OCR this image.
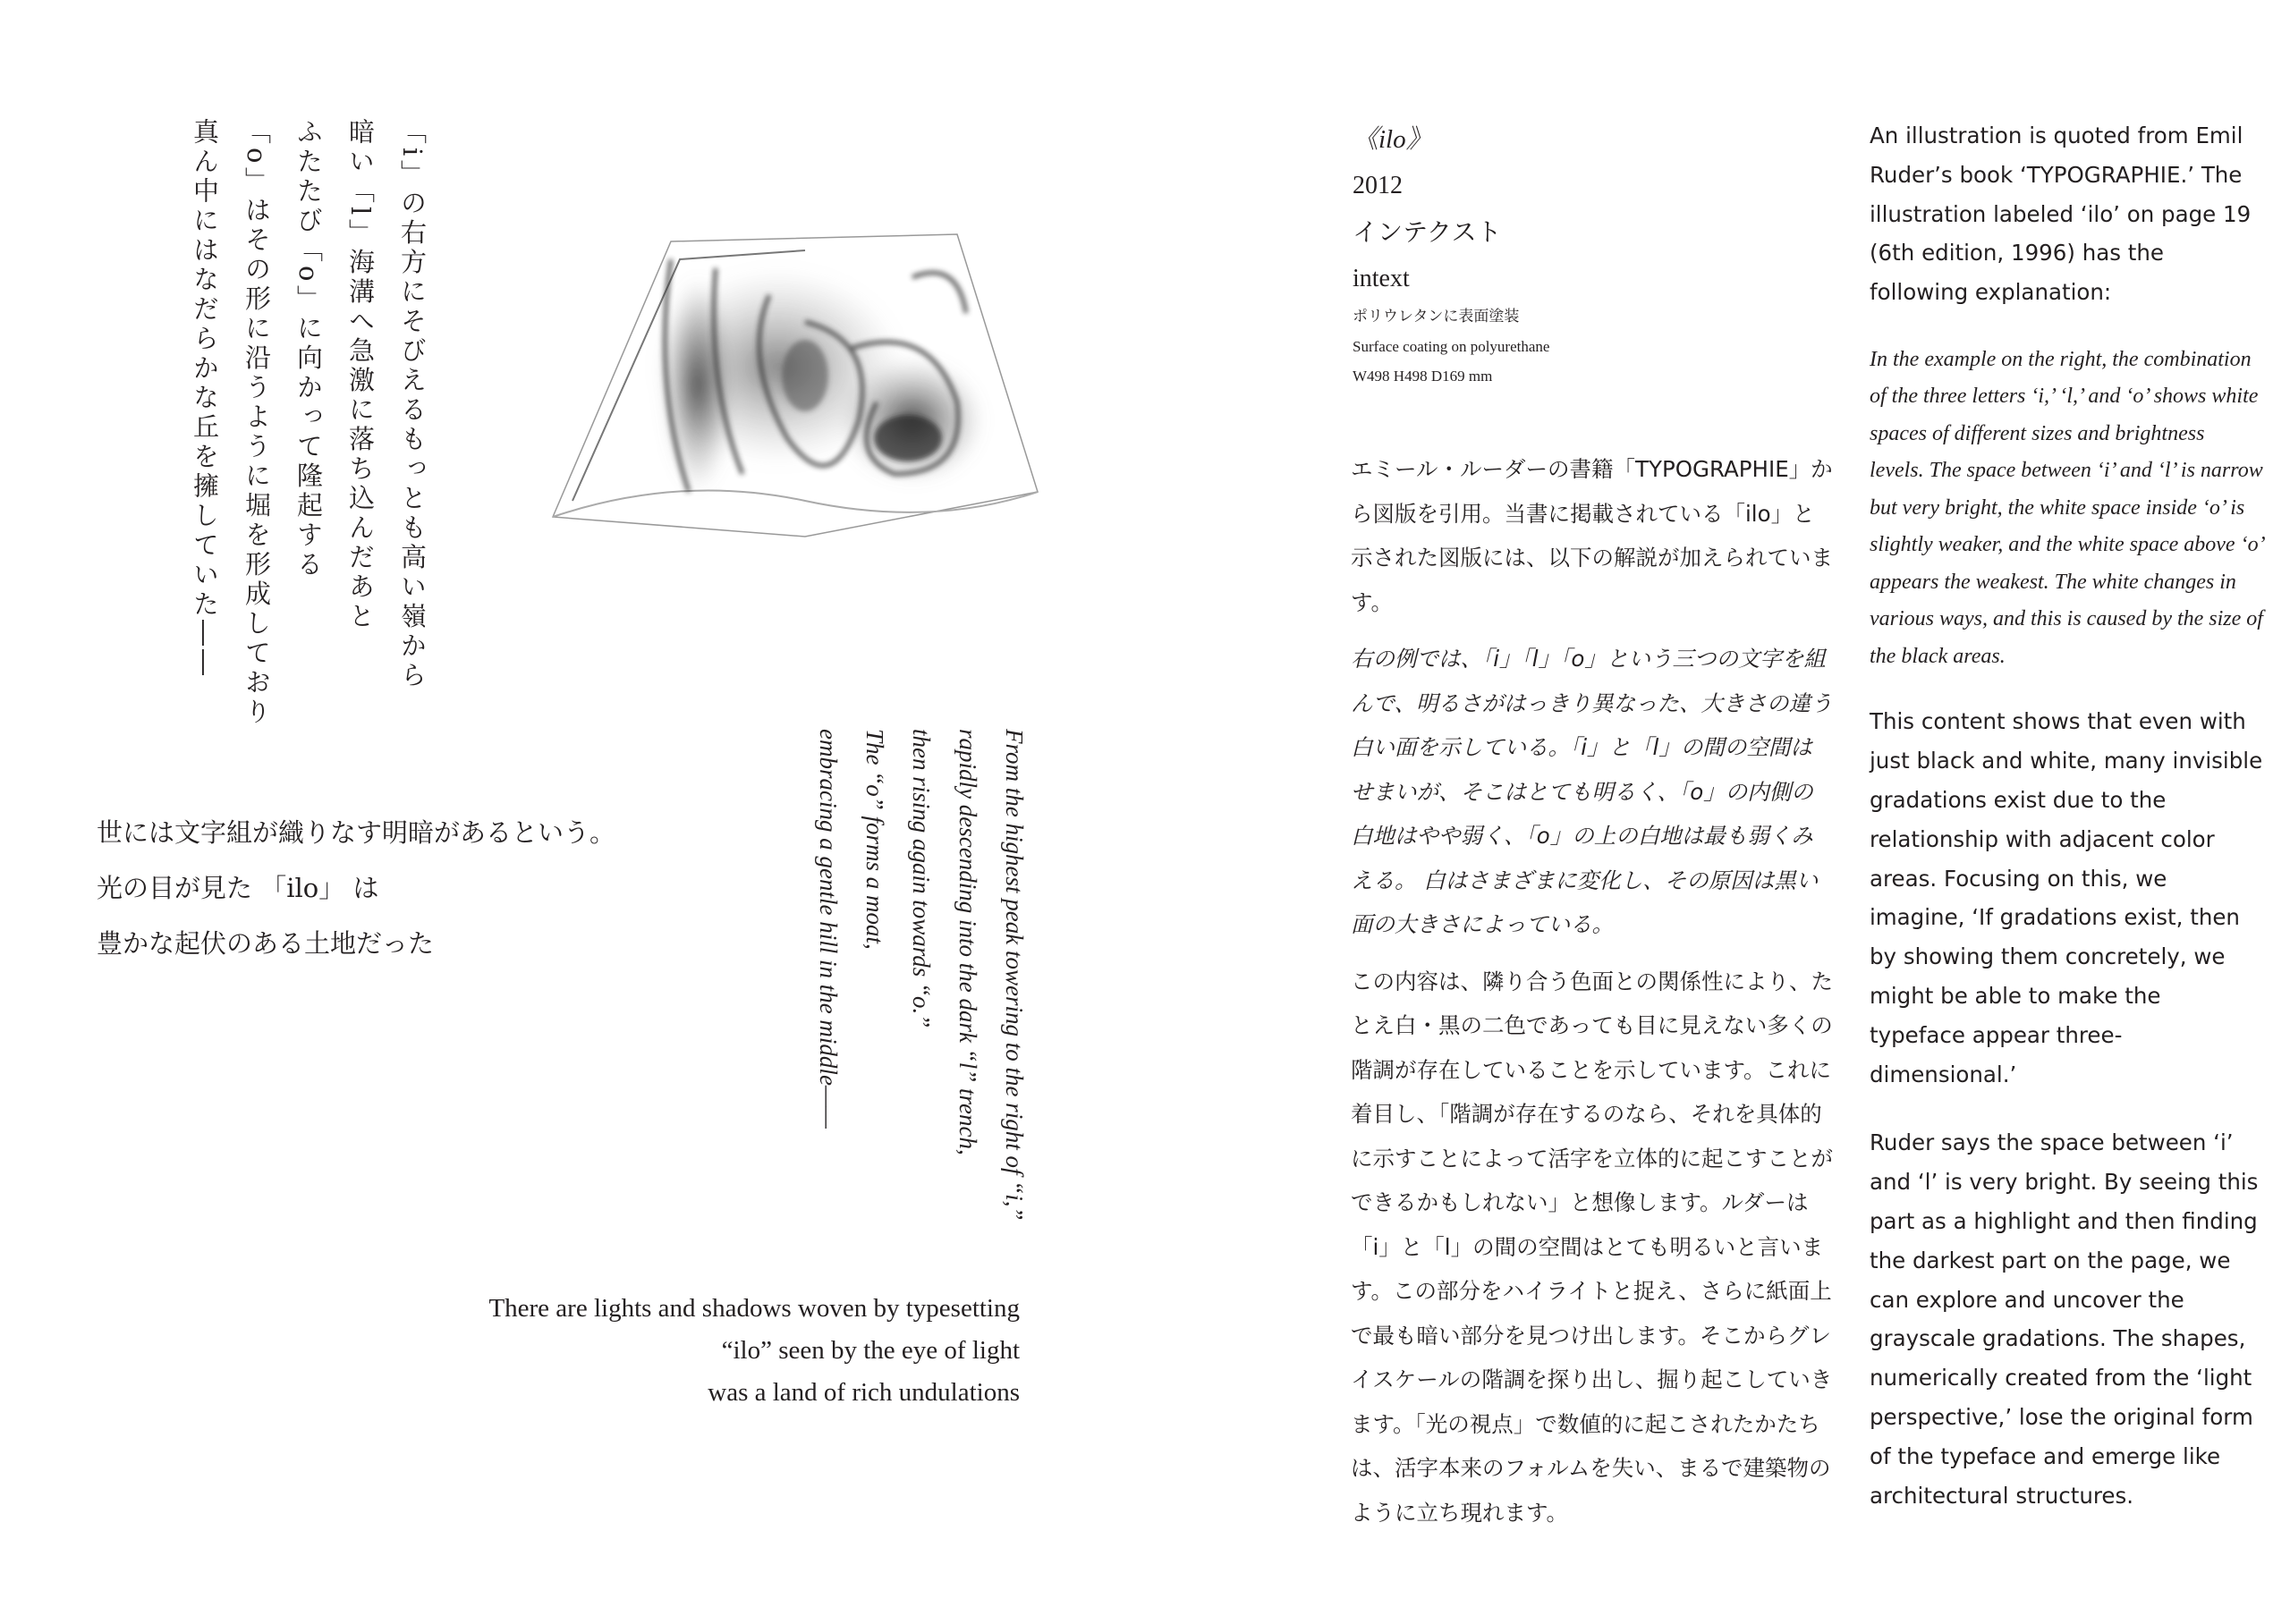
「i」の右方にそびえるもっとも高い嶺から
暗い「l」海溝へ急激に落ち込んだあと
ふたたび「o」に向かって隆起する
「o」はその形に沿うように堀を形成しており
真ん中にはなだらかな丘を擁していた――
世には文字組が織りなす明暗があるという。
光の目が見た 「ilo」 は
豊かな起伏のある土地だった	From the highest peak towering to the right of “i,”
rapidly descending into the dark “l” trench,
then rising again towards “o.”
The “o” forms a moat,
embracing a gentle hill in the middle——
There are lights and shadows woven by typesetting
“ilo” seen by the eye of light
was a land of rich undulations
《ilo》
2012
インテクスト
intext
ポリウレタンに表面塗装
Surface coating on polyurethane
W498 H498 D169 mm

エミール・ルーダーの書籍「TYPOGRAPHIE」から図版を引用。当書に掲載されている「ilo」と示された図版には、以下の解説が加えられています。

右の例では、「i」「l」「o」という三つの文字を組んで、明るさがはっきり異なった、大きさの違う白い面を示している。「i」と「l」の間の空間はせまいが、そこはとても明るく、「o」の内側の白地はやや弱く、「o」の上の白地は最も弱くみえる。 白はさまざまに変化し、その原因は黒い面の大きさによっている。

この内容は、隣り合う色面との関係性により、たとえ白・黒の二色であっても目に見えない多くの階調が存在していることを示しています。これに着目し、「階調が存在するのなら、それを具体的に示すことによって活字を立体的に起こすことができるかもしれない」と想像します。ルダーは「i」と「l」の間の空間はとても明るいと言います。この部分をハイライトと捉え、さらに紙面上で最も暗い部分を見つけ出します。そこからグレイスケールの階調を探り出し、掘り起こしていきます。「光の視点」で数値的に起こされたかたちは、活字本来のフォルムを失い、まるで建築物のように立ち現れます。

An illustration is quoted from Emil Ruder’s book ‘TYPOGRAPHIE.’ The illustration labeled ‘ilo’ on page 19 (6th edition, 1996) has the following explanation:

In the example on the right, the combination of the three letters ‘i,’ ‘l,’ and ‘o’ shows white spaces of different sizes and brightness levels. The space between ‘i’ and ‘l’ is narrow but very bright, the white space inside ‘o’ is slightly weaker, and the white space above ‘o’ appears the weakest. The white changes in various ways, and this is caused by the size of the black areas.

This content shows that even with just black and white, many invisible gradations exist due to the relationship with adjacent color areas. Focusing on this, we imagine, ‘If gradations exist, then by showing them concretely, we might be able to make the typeface appear three-dimensional.’

Ruder says the space between ‘i’ and ‘l’ is very bright. By seeing this part as a highlight and then finding the darkest part on the page, we can explore and uncover the grayscale gradations. The shapes, numerically created from the ‘light perspective,’ lose the original form of the typeface and emerge like architectural structures.
